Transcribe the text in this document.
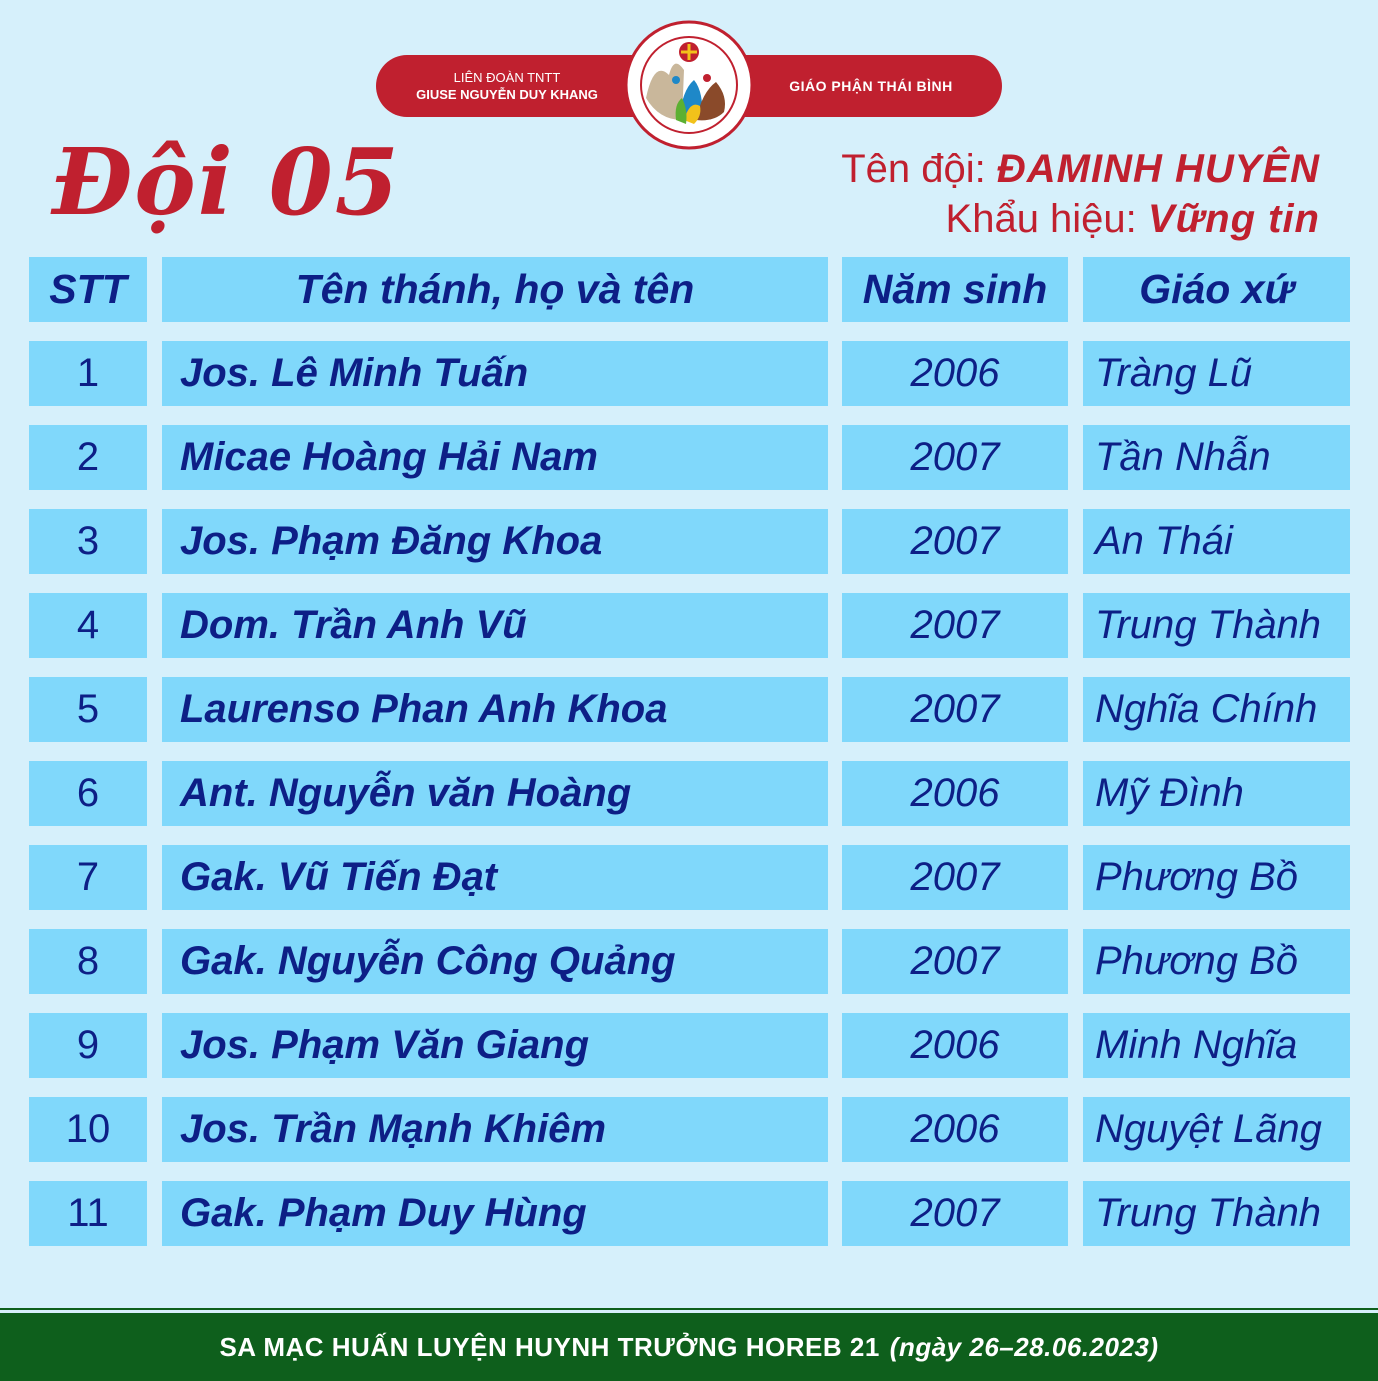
LIÊN ĐOÀN TNTT
GIUSE NGUYỄN DUY KHANG
GIÁO PHẬN THÁI BÌNH
Đội 05	Tên đội: ĐAMINH HUYÊN
Khẩu hiệu: Vững tin
STT	Tên thánh, họ và tên	Năm sinh	Giáo xứ
1	Jos. Lê Minh Tuấn	2006	Tràng Lũ
2	Micae Hoàng Hải Nam	2007	Tần Nhẫn
3	Jos. Phạm Đăng Khoa	2007	An Thái
4	Dom. Trần Anh Vũ	2007	Trung Thành
5	Laurenso Phan Anh Khoa	2007	Nghĩa Chính
6	Ant. Nguyễn văn Hoàng	2006	Mỹ Đình
7	Gak. Vũ Tiến Đạt	2007	Phương Bồ
8	Gak. Nguyễn Công Quảng	2007	Phương Bồ
9	Jos. Phạm Văn Giang	2006	Minh Nghĩa
10	Jos. Trần Mạnh Khiêm	2006	Nguyệt Lãng
11	Gak. Phạm Duy Hùng	2007	Trung Thành
SA MẠC HUẤN LUYỆN HUYNH TRƯỞNG HOREB 21 (ngày 26–28.06.2023)
